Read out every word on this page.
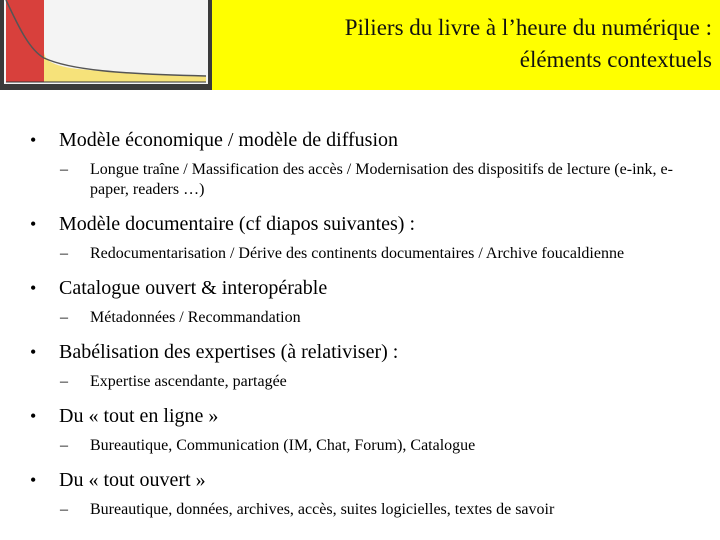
Piliers du livre à l’heure du numérique :
éléments contextuels
• Modèle économique / modèle de diffusion
– Longue traîne / Massification des accès / Modernisation des dispositifs de lecture (e-ink, e-paper, readers …)
• Modèle documentaire (cf diapos suivantes) :
– Redocumentarisation / Dérive des continents documentaires / Archive foucaldienne
• Catalogue ouvert & interopérable
– Métadonnées / Recommandation
• Babélisation des expertises (à relativiser) :
– Expertise ascendante, partagée
• Du « tout en ligne »
– Bureautique, Communication (IM, Chat, Forum), Catalogue
• Du « tout ouvert »
– Bureautique, données, archives, accès, suites logicielles, textes de savoir
